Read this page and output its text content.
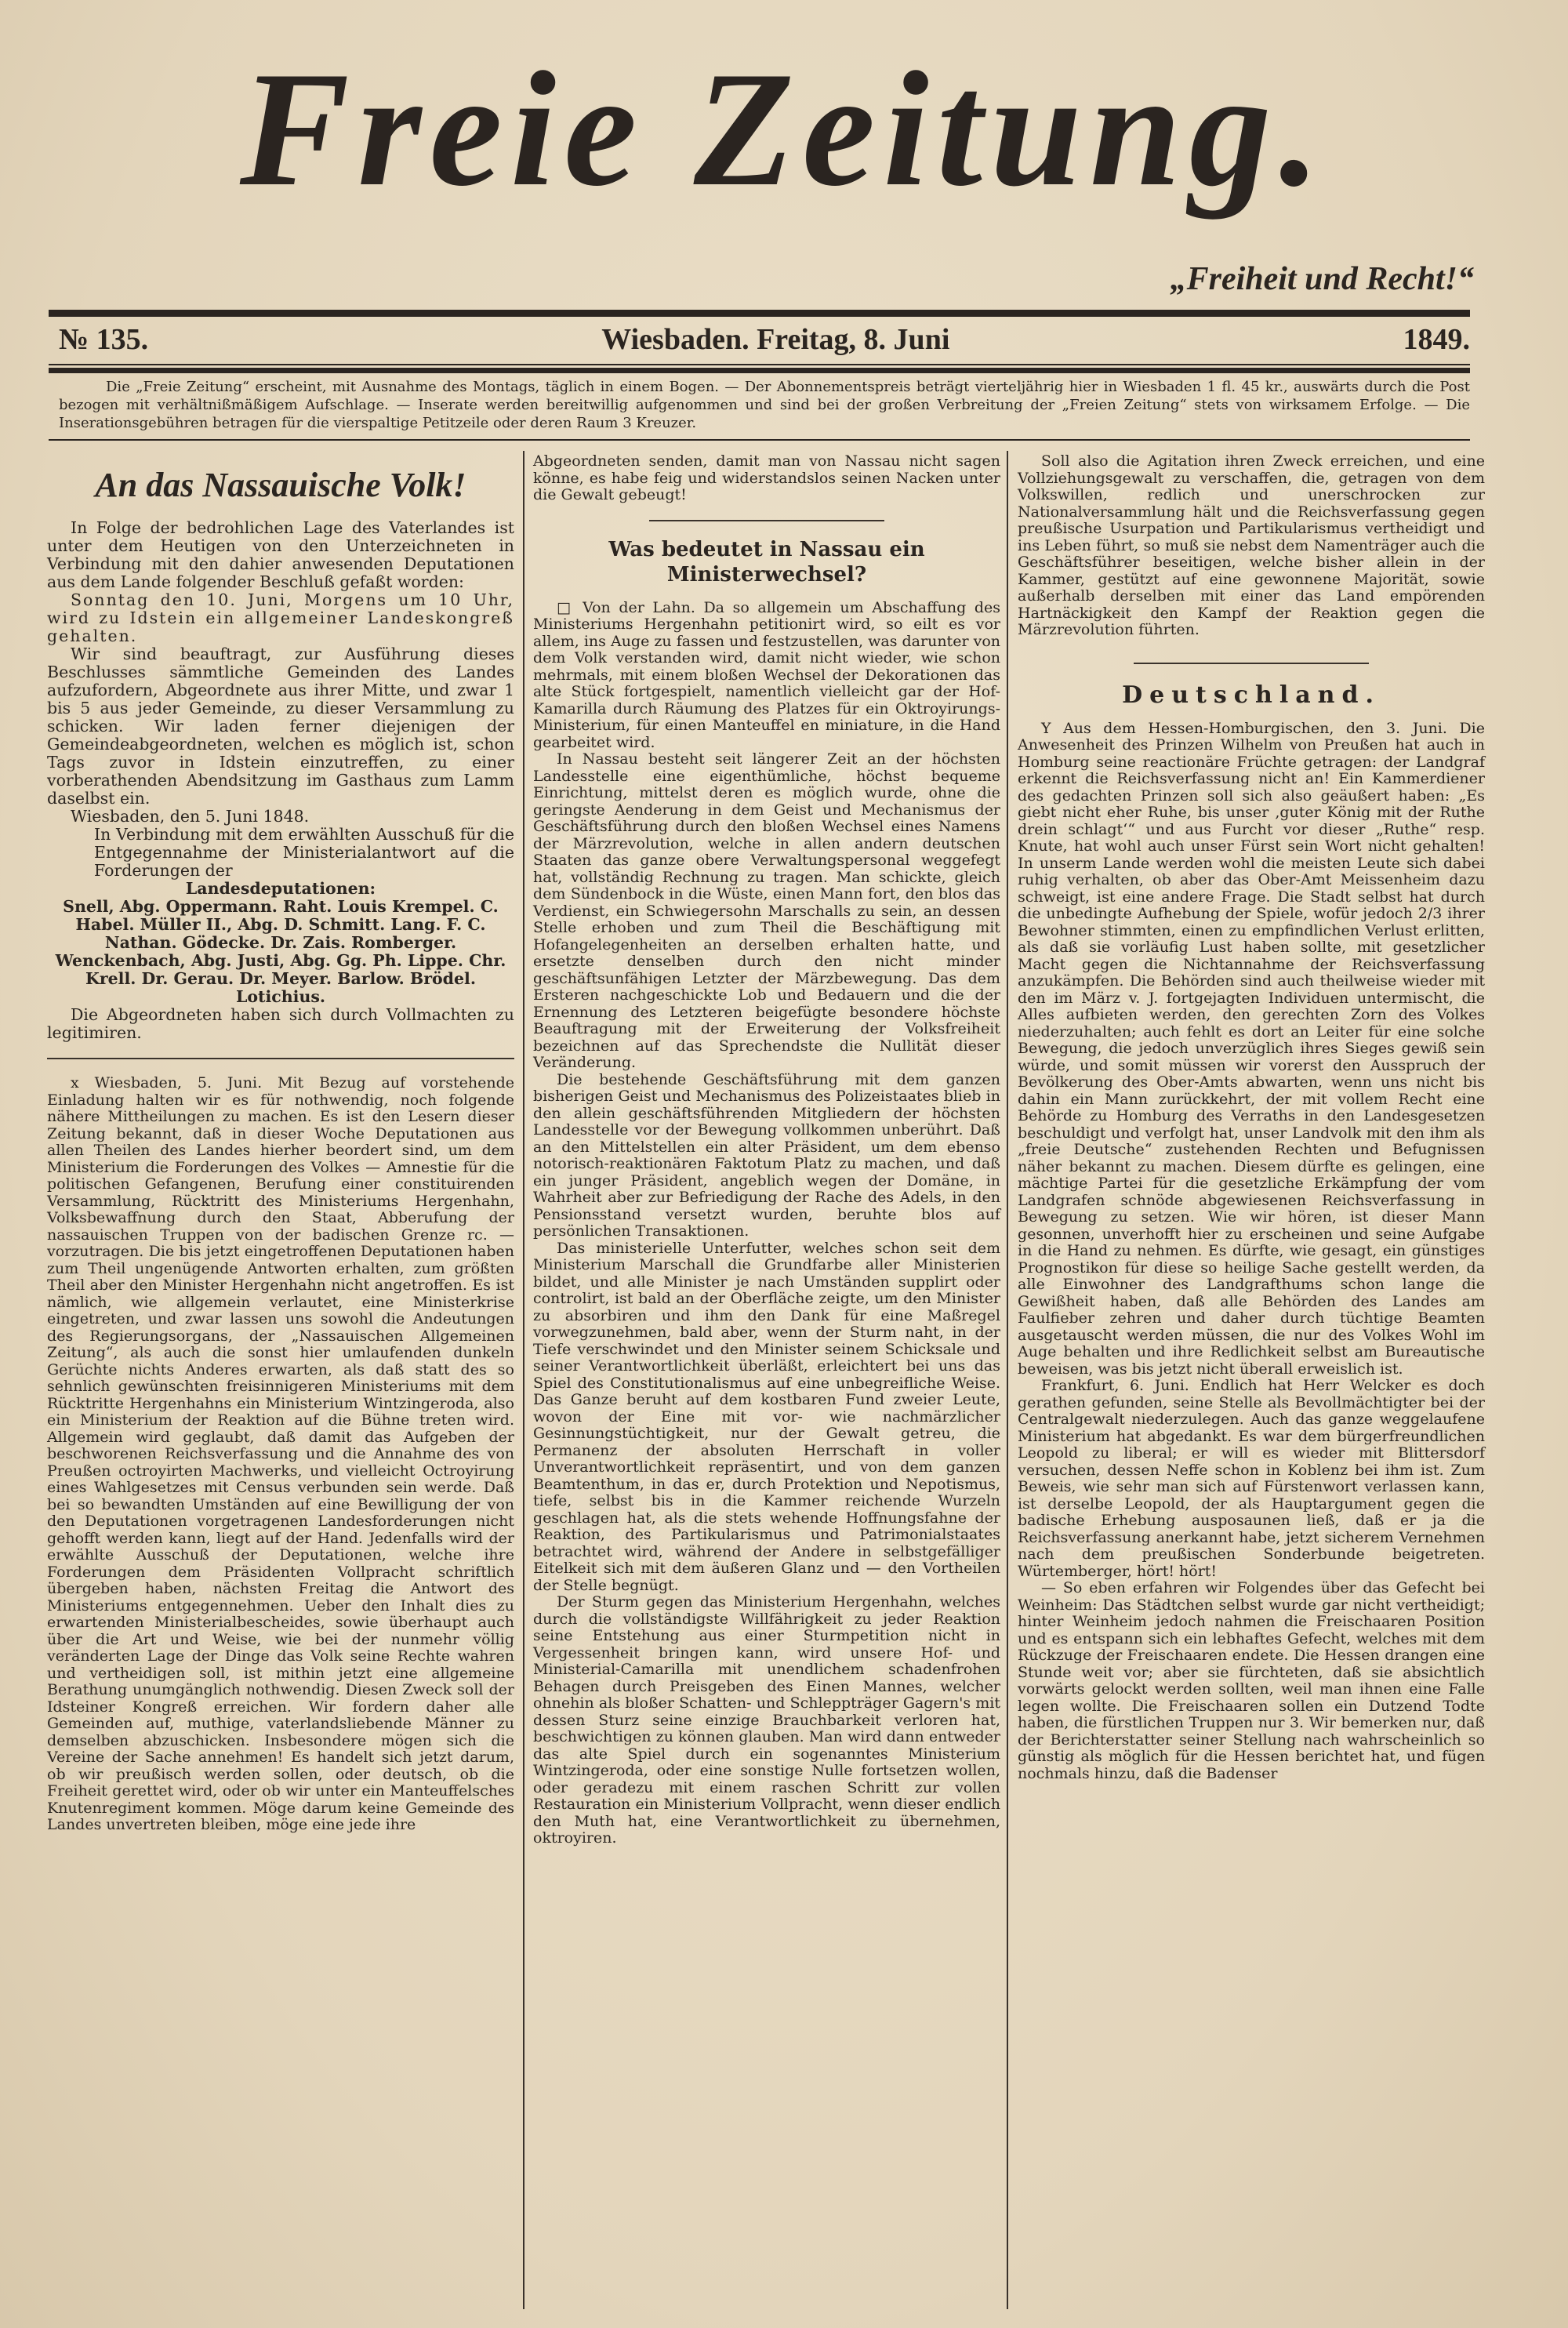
Freie Zeitung.
„Freiheit und Recht!“
№ 135.	Wiesbaden. Freitag, 8. Juni	1849.
Die „Freie Zeitung“ erscheint, mit Ausnahme des Montags, täglich in einem Bogen. — Der Abonnementspreis beträgt vierteljährig hier in Wiesbaden 1 fl. 45 kr., auswärts durch die Post bezogen mit verhältnißmäßigem Aufschlage. — Inserate werden bereitwillig aufgenommen und sind bei der großen Verbreitung der „Freien Zeitung“ stets von wirksamem Erfolge. — Die Inserationsgebühren betragen für die vierspaltige Petitzeile oder deren Raum 3 Kreuzer.
An das Nassauische Volk!

In Folge der bedrohlichen Lage des Vaterlandes ist unter dem Heutigen von den Unterzeichneten in Verbindung mit den dahier anwesenden Deputationen aus dem Lande folgender Beschluß gefaßt worden:

Sonntag den 10. Juni, Morgens um 10 Uhr, wird zu Idstein ein allgemeiner Landeskongreß gehalten.

Wir sind beauftragt, zur Ausführung dieses Beschlusses sämmtliche Gemeinden des Landes aufzufordern, Abgeordnete aus ihrer Mitte, und zwar 1 bis 5 aus jeder Gemeinde, zu dieser Versammlung zu schicken. Wir laden ferner diejenigen der Gemeindeabgeordneten, welchen es möglich ist, schon Tags zuvor in Idstein einzutreffen, zu einer vorberathenden Abendsitzung im Gasthaus zum Lamm daselbst ein.

Wiesbaden, den 5. Juni 1848.

In Verbindung mit dem erwählten Ausschuß für die Entgegennahme der Ministerialantwort auf die Forderungen der

Landesdeputationen:

Snell, Abg. Oppermann. Raht. Louis Krempel. C. Habel. Müller II., Abg. D. Schmitt. Lang. F. C. Nathan. Gödecke. Dr. Zais. Romberger. Wenckenbach, Abg. Justi, Abg. Gg. Ph. Lippe. Chr. Krell. Dr. Gerau. Dr. Meyer. Barlow. Brödel. Lotichius.

Die Abgeordneten haben sich durch Vollmachten zu legitimiren.

x Wiesbaden, 5. Juni. Mit Bezug auf vorstehende Einladung halten wir es für nothwendig, noch folgende nähere Mittheilungen zu machen. Es ist den Lesern dieser Zeitung bekannt, daß in dieser Woche Deputationen aus allen Theilen des Landes hierher beordert sind, um dem Ministerium die Forderungen des Volkes — Amnestie für die politischen Gefangenen, Berufung einer constituirenden Versammlung, Rücktritt des Ministeriums Hergenhahn, Volksbewaffnung durch den Staat, Abberufung der nassauischen Truppen von der badischen Grenze rc. — vorzutragen. Die bis jetzt eingetroffenen Deputationen haben zum Theil ungenügende Antworten erhalten, zum größten Theil aber den Minister Hergenhahn nicht angetroffen. Es ist nämlich, wie allgemein verlautet, eine Ministerkrise eingetreten, und zwar lassen uns sowohl die Andeutungen des Regierungsorgans, der „Nassauischen Allgemeinen Zeitung“, als auch die sonst hier umlaufenden dunkeln Gerüchte nichts Anderes erwarten, als daß statt des so sehnlich gewünschten freisinnigeren Ministeriums mit dem Rücktritte Hergenhahns ein Ministerium Wintzingeroda, also ein Ministerium der Reaktion auf die Bühne treten wird. Allgemein wird geglaubt, daß damit das Aufgeben der beschworenen Reichsverfassung und die Annahme des von Preußen octroyirten Machwerks, und vielleicht Octroyirung eines Wahlgesetzes mit Census verbunden sein werde. Daß bei so bewandten Umständen auf eine Bewilligung der von den Deputationen vorgetragenen Landesforderungen nicht gehofft werden kann, liegt auf der Hand. Jedenfalls wird der erwählte Ausschuß der Deputationen, welche ihre Forderungen dem Präsidenten Vollpracht schriftlich übergeben haben, nächsten Freitag die Antwort des Ministeriums entgegennehmen. Ueber den Inhalt dies zu erwartenden Ministerialbescheides, sowie überhaupt auch über die Art und Weise, wie bei der nunmehr völlig veränderten Lage der Dinge das Volk seine Rechte wahren und vertheidigen soll, ist mithin jetzt eine allgemeine Berathung unumgänglich nothwendig. Diesen Zweck soll der Idsteiner Kongreß erreichen. Wir fordern daher alle Gemeinden auf, muthige, vaterlandsliebende Männer zu demselben abzuschicken. Insbesondere mögen sich die Vereine der Sache annehmen! Es handelt sich jetzt darum, ob wir preußisch werden sollen, oder deutsch, ob die Freiheit gerettet wird, oder ob wir unter ein Manteuffelsches Knutenregiment kommen. Möge darum keine Gemeinde des Landes unvertreten bleiben, möge eine jede ihre

Abgeordneten senden, damit man von Nassau nicht sagen könne, es habe feig und widerstandslos seinen Nacken unter die Gewalt gebeugt!

Was bedeutet in Nassau ein Ministerwechsel?

□ Von der Lahn. Da so allgemein um Abschaffung des Ministeriums Hergenhahn petitionirt wird, so eilt es vor allem, ins Auge zu fassen und festzustellen, was darunter von dem Volk verstanden wird, damit nicht wieder, wie schon mehrmals, mit einem bloßen Wechsel der Dekorationen das alte Stück fortgespielt, namentlich vielleicht gar der Hof-Kamarilla durch Räumung des Platzes für ein Oktroyirungs-Ministerium, für einen Manteuffel en miniature, in die Hand gearbeitet wird.

In Nassau besteht seit längerer Zeit an der höchsten Landesstelle eine eigenthümliche, höchst bequeme Einrichtung, mittelst deren es möglich wurde, ohne die geringste Aenderung in dem Geist und Mechanismus der Geschäftsführung durch den bloßen Wechsel eines Namens der Märzrevolution, welche in allen andern deutschen Staaten das ganze obere Verwaltungspersonal weggefegt hat, vollständig Rechnung zu tragen. Man schickte, gleich dem Sündenbock in die Wüste, einen Mann fort, den blos das Verdienst, ein Schwiegersohn Marschalls zu sein, an dessen Stelle erhoben und zum Theil die Beschäftigung mit Hofangelegenheiten an derselben erhalten hatte, und ersetzte denselben durch den nicht minder geschäftsunfähigen Letzter der Märzbewegung. Das dem Ersteren nachgeschickte Lob und Bedauern und die der Ernennung des Letzteren beigefügte besondere höchste Beauftragung mit der Erweiterung der Volksfreiheit bezeichnen auf das Sprechendste die Nullität dieser Veränderung.

Die bestehende Geschäftsführung mit dem ganzen bisherigen Geist und Mechanismus des Polizeistaates blieb in den allein geschäftsführenden Mitgliedern der höchsten Landesstelle vor der Bewegung vollkommen unberührt. Daß an den Mittelstellen ein alter Präsident, um dem ebenso notorisch-reaktionären Faktotum Platz zu machen, und daß ein junger Präsident, angeblich wegen der Domäne, in Wahrheit aber zur Befriedigung der Rache des Adels, in den Pensionsstand versetzt wurden, beruhte blos auf persönlichen Transaktionen.

Das ministerielle Unterfutter, welches schon seit dem Ministerium Marschall die Grundfarbe aller Ministerien bildet, und alle Minister je nach Umständen supplirt oder controlirt, ist bald an der Oberfläche zeigte, um den Minister zu absorbiren und ihm den Dank für eine Maßregel vorwegzunehmen, bald aber, wenn der Sturm naht, in der Tiefe verschwindet und den Minister seinem Schicksale und seiner Verantwortlichkeit überläßt, erleichtert bei uns das Spiel des Constitutionalismus auf eine unbegreifliche Weise. Das Ganze beruht auf dem kostbaren Fund zweier Leute, wovon der Eine mit vor- wie nachmärzlicher Gesinnungstüchtigkeit, nur der Gewalt getreu, die Permanenz der absoluten Herrschaft in voller Unverantwortlichkeit repräsentirt, und von dem ganzen Beamtenthum, in das er, durch Protektion und Nepotismus, tiefe, selbst bis in die Kammer reichende Wurzeln geschlagen hat, als die stets wehende Hoffnungsfahne der Reaktion, des Partikularismus und Patrimonialstaates betrachtet wird, während der Andere in selbstgefälliger Eitelkeit sich mit dem äußeren Glanz und — den Vortheilen der Stelle begnügt.

Der Sturm gegen das Ministerium Hergenhahn, welches durch die vollständigste Willfährigkeit zu jeder Reaktion seine Entstehung aus einer Sturmpetition nicht in Vergessenheit bringen kann, wird unsere Hof- und Ministerial-Camarilla mit unendlichem schadenfrohen Behagen durch Preisgeben des Einen Mannes, welcher ohnehin als bloßer Schatten- und Schleppträger Gagern's mit dessen Sturz seine einzige Brauchbarkeit verloren hat, beschwichtigen zu können glauben. Man wird dann entweder das alte Spiel durch ein sogenanntes Ministerium Wintzingeroda, oder eine sonstige Nulle fortsetzen wollen, oder geradezu mit einem raschen Schritt zur vollen Restauration ein Ministerium Vollpracht, wenn dieser endlich den Muth hat, eine Verantwortlichkeit zu übernehmen, oktroyiren.

Soll also die Agitation ihren Zweck erreichen, und eine Vollziehungsgewalt zu verschaffen, die, getragen von dem Volkswillen, redlich und unerschrocken zur Nationalversammlung hält und die Reichsverfassung gegen preußische Usurpation und Partikularismus vertheidigt und ins Leben führt, so muß sie nebst dem Namenträger auch die Geschäftsführer beseitigen, welche bisher allein in der Kammer, gestützt auf eine gewonnene Majorität, sowie außerhalb derselben mit einer das Land empörenden Hartnäckigkeit den Kampf der Reaktion gegen die Märzrevolution führten.

Deutschland.

Y Aus dem Hessen-Homburgischen, den 3. Juni. Die Anwesenheit des Prinzen Wilhelm von Preußen hat auch in Homburg seine reactionäre Früchte getragen: der Landgraf erkennt die Reichsverfassung nicht an! Ein Kammerdiener des gedachten Prinzen soll sich also geäußert haben: „Es giebt nicht eher Ruhe, bis unser ‚guter König mit der Ruthe drein schlagt‘“ und aus Furcht vor dieser „Ruthe“ resp. Knute, hat wohl auch unser Fürst sein Wort nicht gehalten! In unserm Lande werden wohl die meisten Leute sich dabei ruhig verhalten, ob aber das Ober-Amt Meissenheim dazu schweigt, ist eine andere Frage. Die Stadt selbst hat durch die unbedingte Aufhebung der Spiele, wofür jedoch 2/3 ihrer Bewohner stimmten, einen zu empfindlichen Verlust erlitten, als daß sie vorläufig Lust haben sollte, mit gesetzlicher Macht gegen die Nichtannahme der Reichsverfassung anzukämpfen. Die Behörden sind auch theilweise wieder mit den im März v. J. fortgejagten Individuen untermischt, die Alles aufbieten werden, den gerechten Zorn des Volkes niederzuhalten; auch fehlt es dort an Leiter für eine solche Bewegung, die jedoch unverzüglich ihres Sieges gewiß sein würde, und somit müssen wir vorerst den Ausspruch der Bevölkerung des Ober-Amts abwarten, wenn uns nicht bis dahin ein Mann zurückkehrt, der mit vollem Recht eine Behörde zu Homburg des Verraths in den Landesgesetzen beschuldigt und verfolgt hat, unser Landvolk mit den ihm als „freie Deutsche“ zustehenden Rechten und Befugnissen näher bekannt zu machen. Diesem dürfte es gelingen, eine mächtige Partei für die gesetzliche Erkämpfung der vom Landgrafen schnöde abgewiesenen Reichsverfassung in Bewegung zu setzen. Wie wir hören, ist dieser Mann gesonnen, unverhofft hier zu erscheinen und seine Aufgabe in die Hand zu nehmen. Es dürfte, wie gesagt, ein günstiges Prognostikon für diese so heilige Sache gestellt werden, da alle Einwohner des Landgrafthums schon lange die Gewißheit haben, daß alle Behörden des Landes am Faulfieber zehren und daher durch tüchtige Beamten ausgetauscht werden müssen, die nur des Volkes Wohl im Auge behalten und ihre Redlichkeit selbst am Bureautische beweisen, was bis jetzt nicht überall erweislich ist.

Frankfurt, 6. Juni. Endlich hat Herr Welcker es doch gerathen gefunden, seine Stelle als Bevollmächtigter bei der Centralgewalt niederzulegen. Auch das ganze weggelaufene Ministerium hat abgedankt. Es war dem bürgerfreundlichen Leopold zu liberal; er will es wieder mit Blittersdorf versuchen, dessen Neffe schon in Koblenz bei ihm ist. Zum Beweis, wie sehr man sich auf Fürstenwort verlassen kann, ist derselbe Leopold, der als Hauptargument gegen die badische Erhebung ausposaunen ließ, daß er ja die Reichsverfassung anerkannt habe, jetzt sicherem Vernehmen nach dem preußischen Sonderbunde beigetreten. Würtemberger, hört! hört!

— So eben erfahren wir Folgendes über das Gefecht bei Weinheim: Das Städtchen selbst wurde gar nicht vertheidigt; hinter Weinheim jedoch nahmen die Freischaaren Position und es entspann sich ein lebhaftes Gefecht, welches mit dem Rückzuge der Freischaaren endete. Die Hessen drangen eine Stunde weit vor; aber sie fürchteten, daß sie absichtlich vorwärts gelockt werden sollten, weil man ihnen eine Falle legen wollte. Die Freischaaren sollen ein Dutzend Todte haben, die fürstlichen Truppen nur 3. Wir bemerken nur, daß der Berichterstatter seiner Stellung nach wahrscheinlich so günstig als möglich für die Hessen berichtet hat, und fügen nochmals hinzu, daß die Badenser
